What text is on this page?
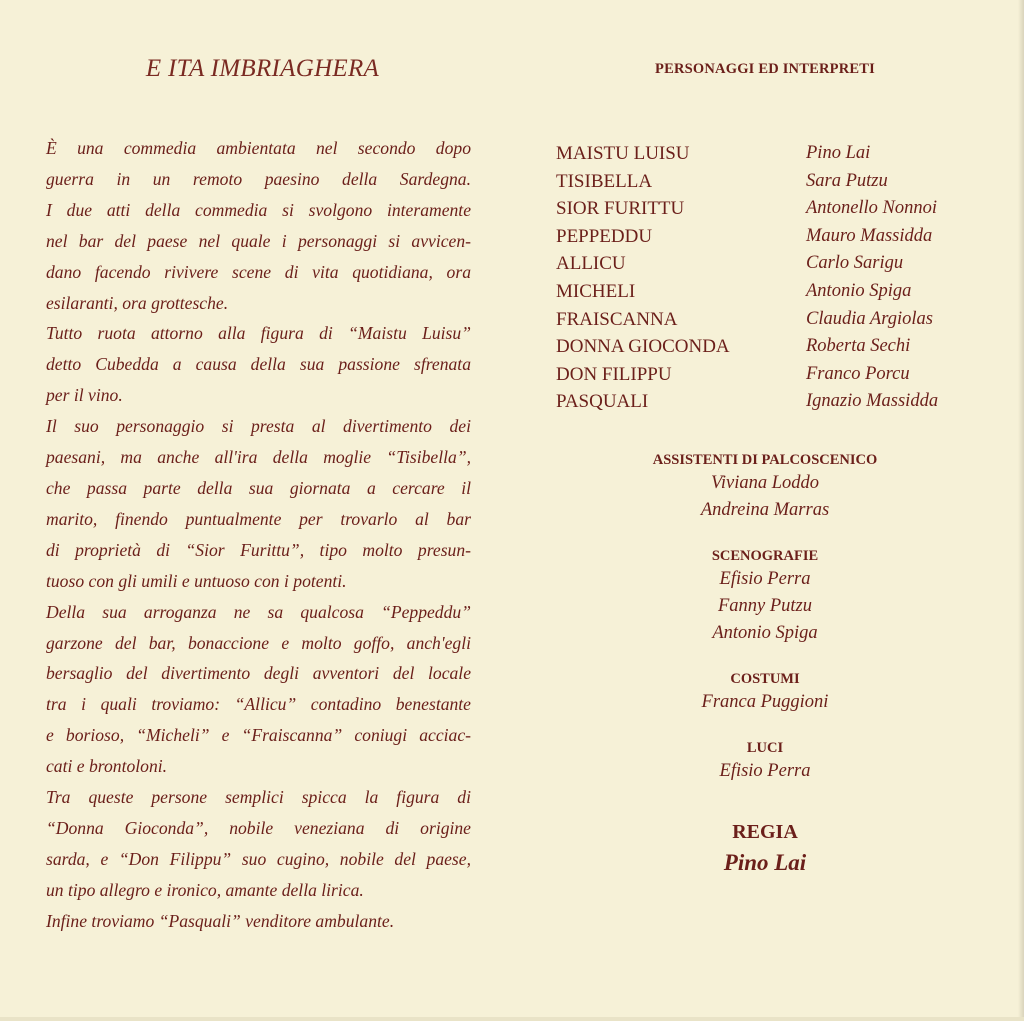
E ITA IMBRIAGHERA
È una commedia ambientata nel secondo dopo
guerra in un remoto paesino della Sardegna.
I due atti della commedia si svolgono interamente
nel bar del paese nel quale i personaggi si avvicen-
dano facendo rivivere scene di vita quotidiana, ora
esilaranti, ora grottesche.
Tutto ruota attorno alla figura di “Maistu Luisu”
detto Cubedda a causa della sua passione sfrenata
per il vino.
Il suo personaggio si presta al divertimento dei
paesani, ma anche all'ira della moglie “Tisibella”,
che passa parte della sua giornata a cercare il
marito, finendo puntualmente per trovarlo al bar
di proprietà di “Sior Furittu”, tipo molto presun-
tuoso con gli umili e untuoso con i potenti.
Della sua arroganza ne sa qualcosa “Peppeddu”
garzone del bar, bonaccione e molto goffo, anch'egli
bersaglio del divertimento degli avventori del locale
tra i quali troviamo: “Allicu” contadino benestante
e borioso, “Micheli” e “Fraiscanna” coniugi acciac-
cati e brontoloni.
Tra queste persone semplici spicca la figura di
“Donna Gioconda”, nobile veneziana di origine
sarda, e “Don Filippu” suo cugino, nobile del paese,
un tipo allegro e ironico, amante della lirica.
Infine troviamo “Pasquali” venditore ambulante.
PERSONAGGI ED INTERPRETI
MAISTU LUISU	Pino Lai
TISIBELLA	Sara Putzu
SIOR FURITTU	Antonello Nonnoi
PEPPEDDU	Mauro Massidda
ALLICU	Carlo Sarigu
MICHELI	Antonio Spiga
FRAISCANNA	Claudia Argiolas
DONNA GIOCONDA	Roberta Sechi
DON FILIPPU	Franco Porcu
PASQUALI	Ignazio Massidda
ASSISTENTI DI PALCOSCENICO
Viviana Loddo
Andreina Marras
SCENOGRAFIE
Efisio Perra
Fanny Putzu
Antonio Spiga
COSTUMI
Franca Puggioni
LUCI
Efisio Perra
REGIA
Pino Lai
